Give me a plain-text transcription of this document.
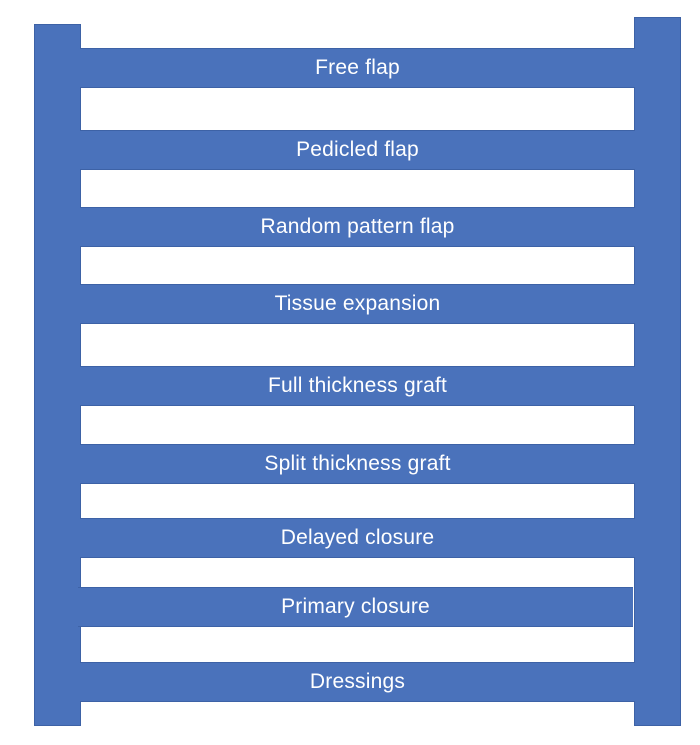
Free flap
Pedicled flap
Random pattern flap
Tissue expansion
Full thickness graft
Split thickness graft
Delayed closure
Primary closure
Dressings
